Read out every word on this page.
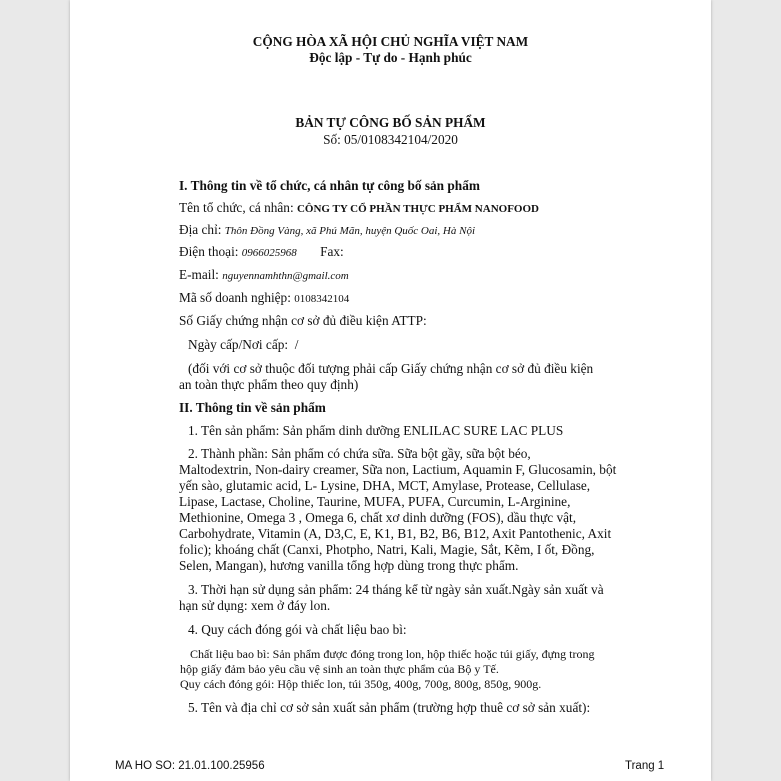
CỘNG HÒA XÃ HỘI CHỦ NGHĨA VIỆT NAM
Độc lập - Tự do - Hạnh phúc
BẢN TỰ CÔNG BỐ SẢN PHẨM
Số: 05/0108342104/2020
I. Thông tin về tổ chức, cá nhân tự công bố sản phẩm
Tên tổ chức, cá nhân: CÔNG TY CỔ PHẦN THỰC PHẨM NANOFOOD
Địa chỉ: Thôn Đồng Vàng, xã Phú Mãn, huyện Quốc Oai, Hà Nội
Điện thoại: 0966025968 Fax:
E-mail: nguyennamhthn@gmail.com
Mã số doanh nghiệp: 0108342104
Số Giấy chứng nhận cơ sở đủ điều kiện ATTP:
Ngày cấp/Nơi cấp: /
(đối với cơ sở thuộc đối tượng phải cấp Giấy chứng nhận cơ sở đủ điều kiện
an toàn thực phẩm theo quy định)
II. Thông tin về sản phẩm
1. Tên sản phẩm: Sản phẩm dinh dưỡng ENLILAC SURE LAC PLUS
2. Thành phần: Sản phẩm có chứa sữa. Sữa bột gầy, sữa bột béo,
Maltodextrin, Non-dairy creamer, Sữa non, Lactium, Aquamin F, Glucosamin, bột
yến sào, glutamic acid, L- Lysine, DHA, MCT, Amylase, Protease, Cellulase,
Lipase, Lactase, Choline, Taurine, MUFA, PUFA, Curcumin, L-Arginine,
Methionine, Omega 3 , Omega 6, chất xơ dinh dưỡng (FOS), dầu thực vật,
Carbohydrate, Vitamin (A, D3,C, E, K1, B1, B2, B6, B12, Axit Pantothenic, Axit
folic); khoáng chất (Canxi, Photpho, Natri, Kali, Magie, Sắt, Kẽm, I ốt, Đồng,
Selen, Mangan), hương vanilla tổng hợp dùng trong thực phẩm.
3. Thời hạn sử dụng sản phẩm: 24 tháng kể từ ngày sản xuất.Ngày sản xuất và
hạn sử dụng: xem ở đáy lon.
4. Quy cách đóng gói và chất liệu bao bì:
Chất liệu bao bì: Sản phẩm được đóng trong lon, hộp thiếc hoặc túi giấy, đựng trong
hộp giấy đảm bảo yêu cầu vệ sinh an toàn thực phẩm của Bộ y Tế.
Quy cách đóng gói: Hộp thiếc lon, túi 350g, 400g, 700g, 800g, 850g, 900g.
5. Tên và địa chỉ cơ sở sản xuất sản phẩm (trường hợp thuê cơ sở sản xuất):
MA HO SO: 21.01.100.25956	Trang 1
